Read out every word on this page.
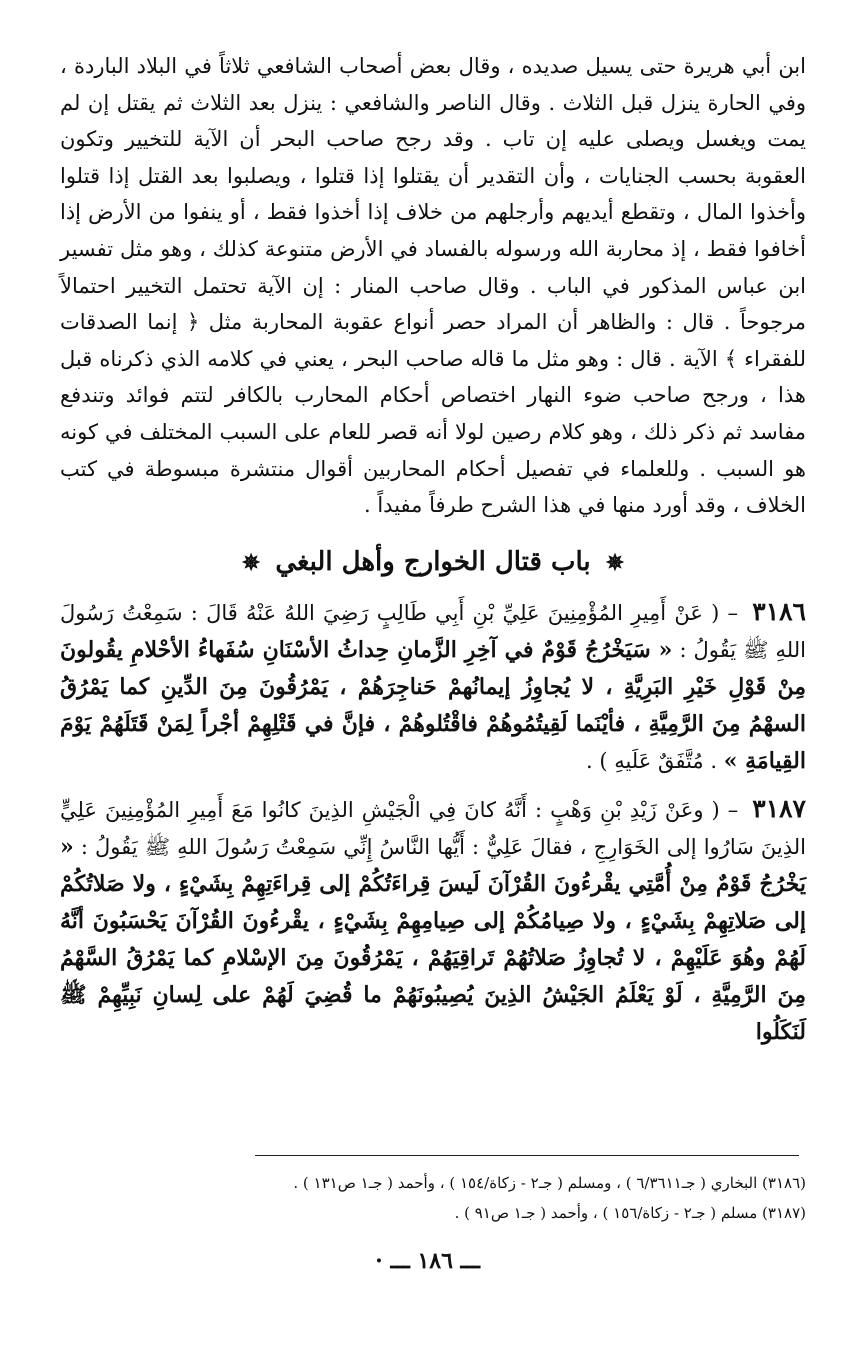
ابن أبي هريرة حتى يسيل صديده ، وقال بعض أصحاب الشافعي ثلاثاً في البلاد الباردة ، وفي الحارة ينزل قبل الثلاث . وقال الناصر والشافعي : ينزل بعد الثلاث ثم يقتل إن لم يمت ويغسل ويصلى عليه إن تاب . وقد رجح صاحب البحر أن الآية للتخيير وتكون العقوبة بحسب الجنايات ، وأن التقدير أن يقتلوا إذا قتلوا ، ويصلبوا بعد القتل إذا قتلوا وأخذوا المال ، وتقطع أيديهم وأرجلهم من خلاف إذا أخذوا فقط ، أو ينفوا من الأرض إذا أخافوا فقط ، إذ محاربة الله ورسوله بالفساد في الأرض متنوعة كذلك ، وهو مثل تفسير ابن عباس المذكور في الباب . وقال صاحب المنار : إن الآية تحتمل التخيير احتمالاً مرجوحاً . قال : والظاهر أن المراد حصر أنواع عقوبة المحاربة مثل ﴿ إنما الصدقات للفقراء ﴾ الآية . قال : وهو مثل ما قاله صاحب البحر ، يعني في كلامه الذي ذكرناه قبل هذا ، ورجح صاحب ضوء النهار اختصاص أحكام المحارب بالكافر لتتم فوائد وتندفع مفاسد ثم ذكر ذلك ، وهو كلام رصين لولا أنه قصر للعام على السبب المختلف في كونه هو السبب . وللعلماء في تفصيل أحكام المحاربين أقوال منتشرة مبسوطة في كتب الخلاف ، وقد أورد منها في هذا الشرح طرفاً مفيداً .

✵ باب قتال الخوارج وأهل البغي ✵

٣١٨٦ – ( عَنْ أَمِيرِ المُؤْمِنِينَ عَلِيِّ بْنِ أَبِي طَالِبٍ رَضِيَ اللهُ عَنْهُ قَالَ : سَمِعْتُ رَسُولَ اللهِ ﷺ يَقُولُ : « سَيَخْرُجُ قَوْمٌ في آخِرِ الزَّمانِ حِداثُ الأسْنَانِ سُفَهاءُ الأحْلامِ يقُولونَ مِنْ قَوْلِ خَيْرِ البَرِيَّةِ ، لا يُجاوِزُ إيمانُهمْ حَناجِرَهُمْ ، يَمْرُقُونَ مِنَ الدِّينِ كما يَمْرُقُ السهْمُ مِنَ الرَّمِيَّةِ ، فأيْنَما لَقِيتُمُوهُمْ فاقْتُلوهُمْ ، فإنَّ في قَتْلِهِمْ أجْراً لِمَنْ قَتَلَهُمْ يَوْمَ القِيامَةِ » . مُتَّفَقٌ عَلَيهِ ) .

٣١٨٧ – ( وعَنْ زَيْدِ بْنِ وَهْبٍ : أَنَّهُ كانَ فِي الْجَيْشِ الذِينَ كانُوا مَعَ أَمِيرِ المُؤْمِنِينَ عَلِيٍّ الذِينَ سَارُوا إلى الخَوَارِجِ ، فقالَ عَلِيٌّ : أَيُّها النَّاسُ إِنِّي سَمِعْتُ رَسُولَ اللهِ ﷺ يَقُولُ : « يَخْرُجُ قَوْمٌ مِنْ أُمَّتِي يقْرءُونَ القُرْآنَ لَيسَ قِراءَتُكُمْ إلى قِراءَتِهِمْ بِشَيْءٍ ، ولا صَلاتُكُمْ إلى صَلاتِهِمْ بِشَيْءٍ ، ولا صِيامُكُمْ إلى صِيامِهِمْ بِشَيْءٍ ، يقْرءُونَ القُرْآنَ يَحْسَبُونَ أنَّهُ لَهُمْ وهُوَ عَلَيْهِمْ ، لا تُجاوِزُ صَلاتُهُمْ تَراقِيَهُمْ ، يَمْرُقُونَ مِنَ الإسْلامِ كما يَمْرُقُ السَّهْمُ مِنَ الرَّمِيَّةِ ، لَوْ يَعْلَمُ الجَيْشُ الذِينَ يُصِيبُونَهُمْ ما قُضِيَ لَهُمْ على لِسانِ نَبِيِّهِمْ ﷺ لَنَكَلُوا

(٣١٨٦) البخاري ( جـ٦/٣٦١١ ) ، ومسلم ( جـ٢ - زكاة/١٥٤ ) ، وأحمد ( جـ١ ص١٣١ ) .
(٣١٨٧) مسلم ( جـ٢ - زكاة/١٥٦ ) ، وأحمد ( جـ١ ص٩١ ) .
· ـــ ١٨٦ ـــ
